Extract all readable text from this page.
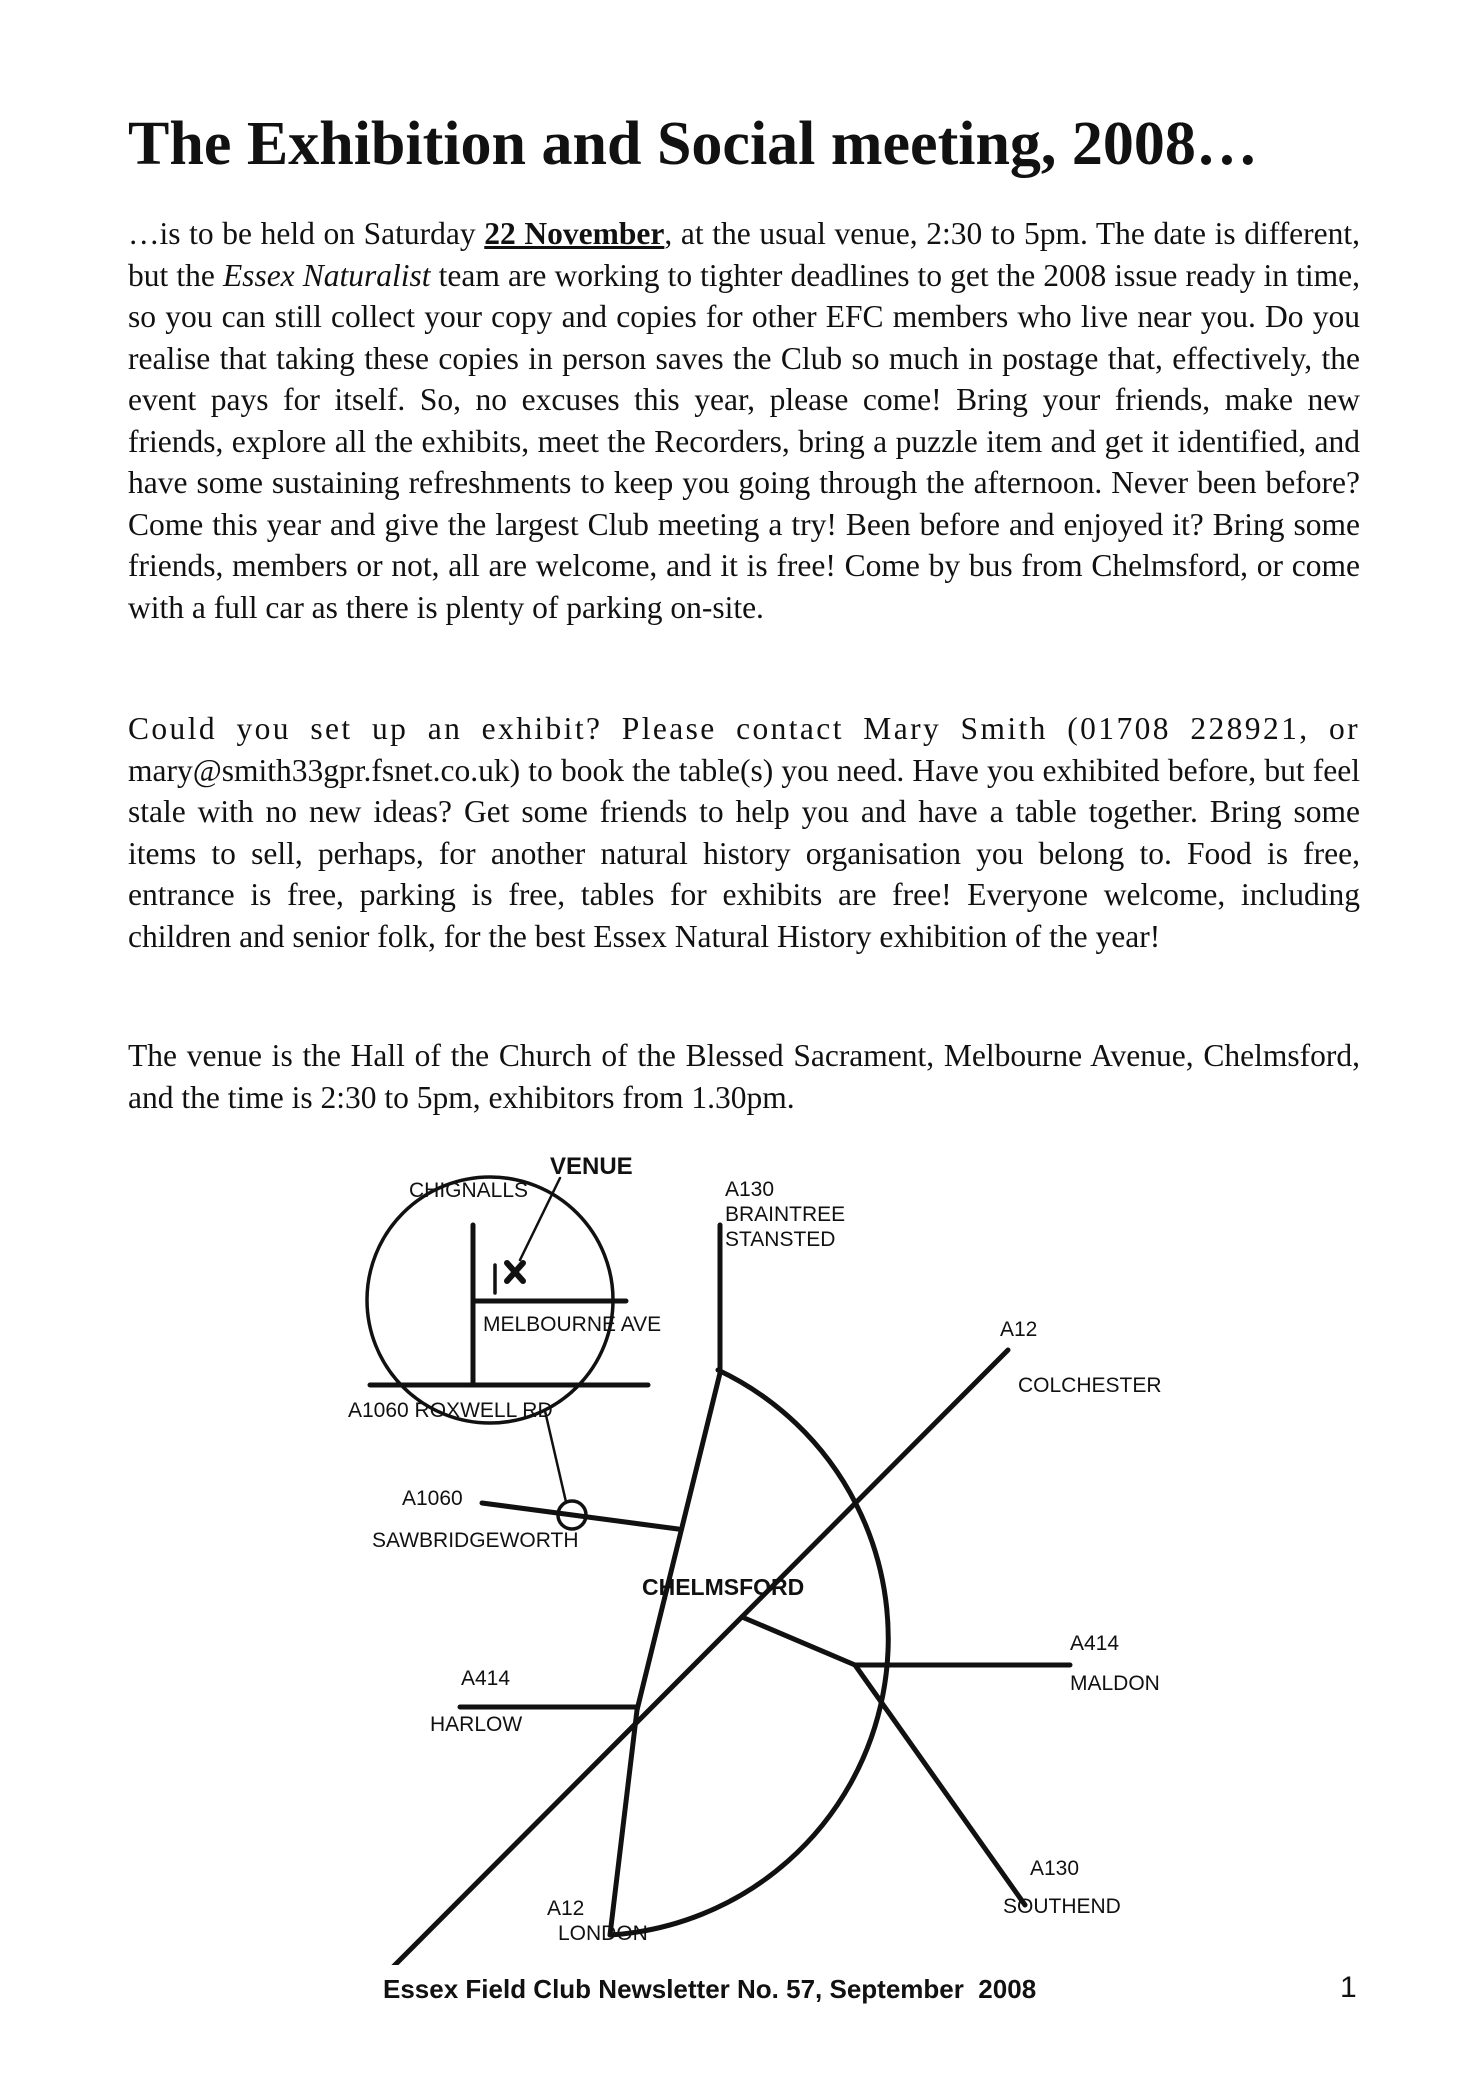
The Exhibition and Social meeting, 2008…

…is to be held on Saturday 22 November, at the usual venue, 2:30 to 5pm. The date is different, but the Essex Naturalist team are working to tighter deadlines to get the 2008 issue ready in time, so you can still collect your copy and copies for other EFC members who live near you. Do you realise that taking these copies in person saves the Club so much in postage that, effectively, the event pays for itself. So, no excuses this year, please come! Bring your friends, make new friends, explore all the exhibits, meet the Recorders, bring a puzzle item and get it identified, and have some sustaining refreshments to keep you going through the afternoon. Never been before? Come this year and give the largest Club meeting a try! Been before and enjoyed it? Bring some friends, members or not, all are welcome, and it is free! Come by bus from Chelmsford, or come with a full car as there is plenty of parking on-site.

Could you set up an exhibit? Please contact Mary Smith (01708 228921, or mary@smith33gpr.fsnet.co.uk) to book the table(s) you need. Have you exhibited before, but feel stale with no new ideas? Get some friends to help you and have a table together. Bring some items to sell, perhaps, for another natural history organisation you belong to. Food is free, entrance is free, parking is free, tables for exhibits are free! Everyone welcome, including children and senior folk, for the best Essex Natural History exhibition of the year!

The venue is the Hall of the Church of the Blessed Sacrament, Melbourne Avenue, Chelmsford, and the time is 2:30 to 5pm, exhibitors from 1.30pm.

VENUE
CHIGNALLS
MELBOURNE AVE
A1060 ROXWELL RD
A1060
SAWBRIDGEWORTH
CHELMSFORD
A130
BRAINTREE
STANSTED
A12
COLCHESTER
A414
MALDON
A414
HARLOW
A130
SOUTHEND
A12
LONDON
Essex Field Club Newsletter No. 57, September  2008	1
